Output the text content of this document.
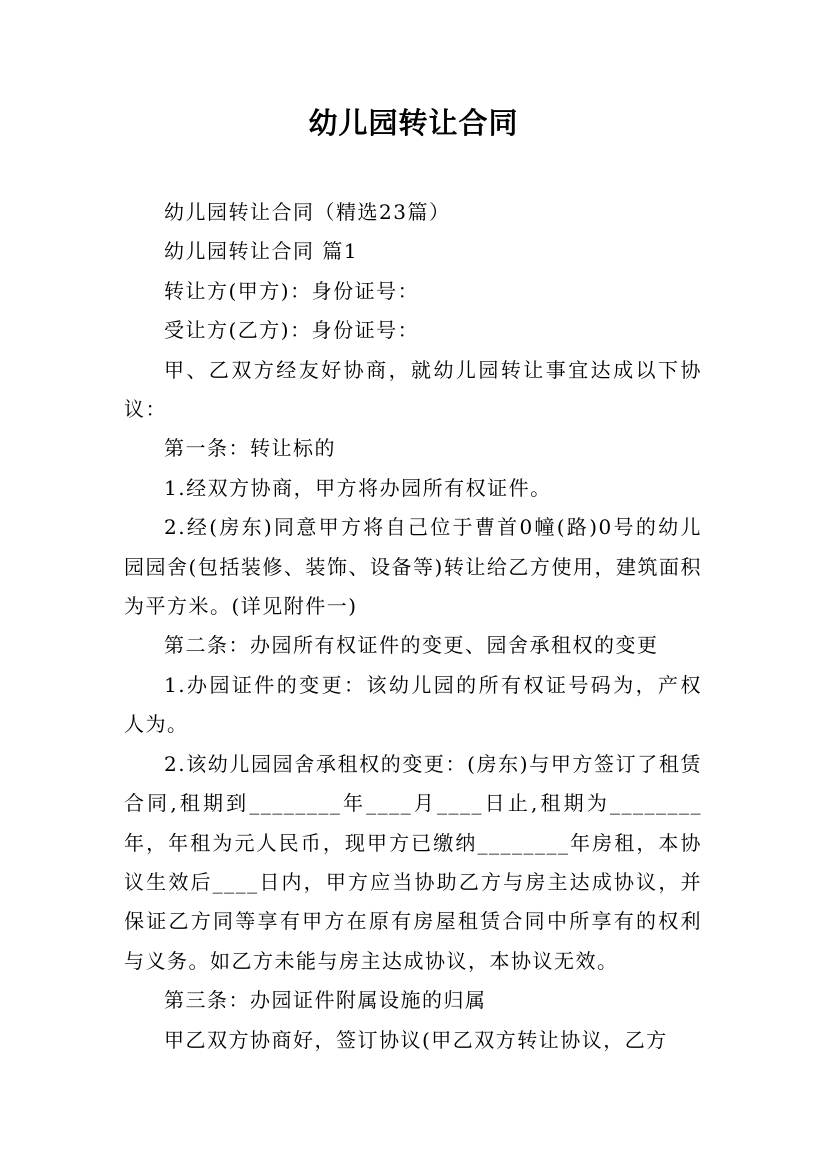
幼儿园转让合同

幼儿园转让合同（精选23篇）

幼儿园转让合同 篇1

转让方(甲方)：身份证号：

受让方(乙方)：身份证号：

甲、乙双方经友好协商，就幼儿园转让事宜达成以下协议：

第一条：转让标的

1.经双方协商，甲方将办园所有权证件。

2.经(房东)同意甲方将自己位于曹首0幢(路)0号的幼儿园园舍(包括装修、装饰、设备等)转让给乙方使用，建筑面积为平方米。(详见附件一)

第二条：办园所有权证件的变更、园舍承租权的变更

1.办园证件的变更：该幼儿园的所有权证号码为，产权人为。

2.该幼儿园园舍承租权的变更：(房东)与甲方签订了租赁合同,租期到________年____月____日止,租期为________年，年租为元人民币，现甲方已缴纳________年房租，本协议生效后____日内，甲方应当协助乙方与房主达成协议，并保证乙方同等享有甲方在原有房屋租赁合同中所享有的权利与义务。如乙方未能与房主达成协议，本协议无效。

第三条：办园证件附属设施的归属

甲乙双方协商好，签订协议(甲乙双方转让协议，乙方
